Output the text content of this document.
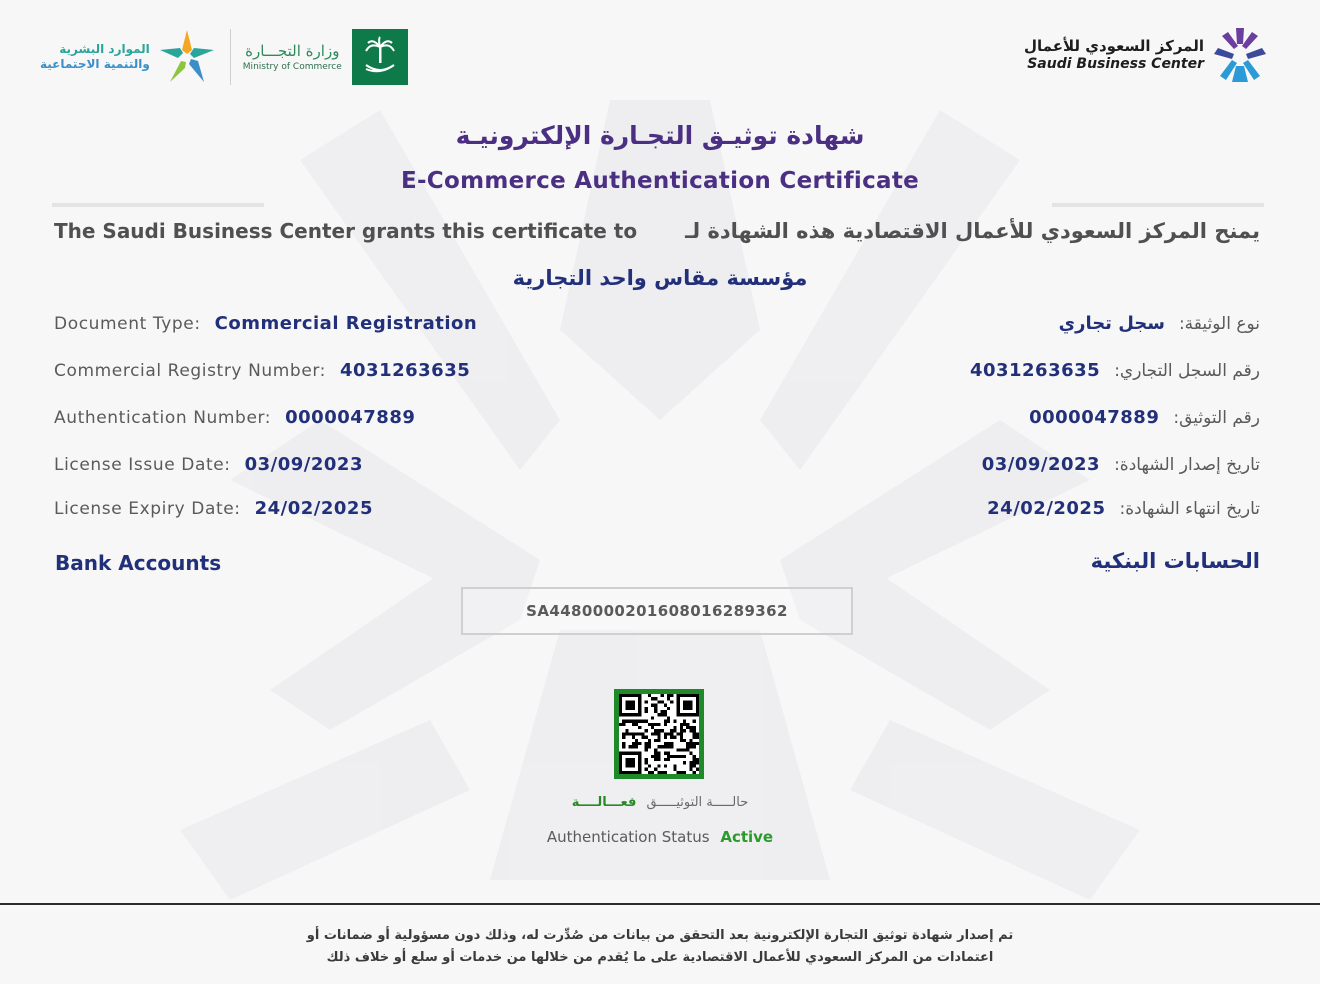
الموارد البشرية
والتنمية الاجتماعية
وزارة التجـــارة
Ministry of Commerce
المركز السعودي للأعمال
Saudi Business Center
شهادة توثيـق التجـارة الإلكترونيـة
E-Commerce Authentication Certificate
The Saudi Business Center grants this certificate to يمنح المركز السعودي للأعمال الاقتصادية هذه الشهادة لـ
مؤسسة مقاس واحد التجارية
Document Type: Commercial Registration
Commercial Registry Number: 4031263635
Authentication Number: 0000047889
License Issue Date: 03/09/2023
License Expiry Date: 24/02/2025
نوع الوثيقة:
سجل تجاري
رقم السجل التجاري:
4031263635
رقم التوثيق:
0000047889
تاريخ إصدار الشهادة:
03/09/2023
تاريخ انتهاء الشهادة:
24/02/2025
Bank Accounts	الحسابات البنكية
SA4480000201608016289362
حالـــــة التوثيـــــق فعـــالــــة
Authentication Status Active
تم إصدار شهادة توثيق التجارة الإلكترونية بعد التحقق من بيانات من صُدِّرت له، وذلك دون مسؤولية أو ضمانات أو
اعتمادات من المركز السعودي للأعمال الاقتصادية على ما يُقدم من خلالها من خدمات أو سلع أو خلاف ذلك
